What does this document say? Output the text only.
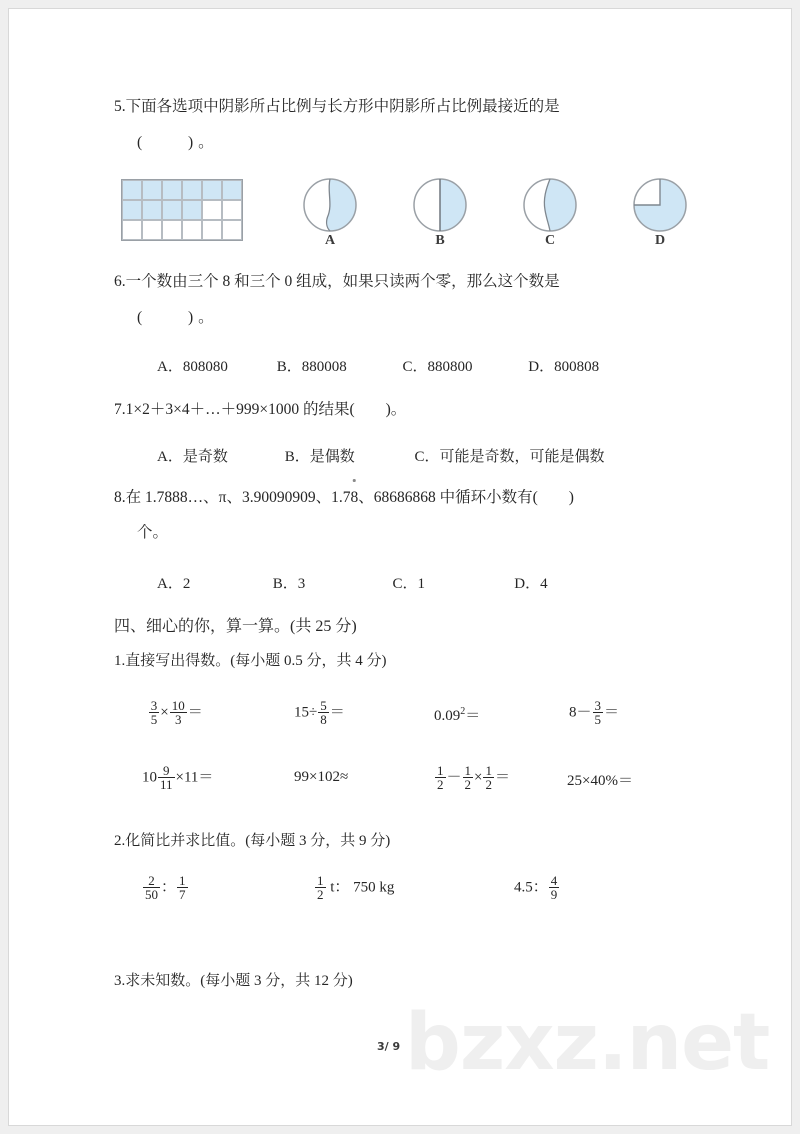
bzxz.net
5.下面各选项中阴影所占比例与长方形中阴影所占比例最接近的是
(　　)。
A	B	C	D
6.一个数由三个 8 和三个 0 组成，如果只读两个零，那么这个数是
(　　)。
A．808080	B．880008	C．880800	D．800808
7.1×2＋3×4＋…＋999×1000 的结果(　　)。
A．是奇数	B．是偶数	C．可能是奇数，可能是偶数
8.在 1.7888…、π、3.90090909、1.7
8、68686868 中循环小数有(　　)
个。
A．2	B．3	C．1	D．4
四、细心的你，算一算。(共 25 分)
1.直接写出得数。(每小题 0.5 分，共 4 分)

$\frac{3}{5} \times \frac{10}{3}$ ＝	$15\div \frac{5}{8}$ ＝	$0.09^2=$	$8- \frac{3}{5}$ ＝
$10 \frac{9}{11} \times 11=$	99×102≈	$\frac{1}{2} - \frac{1}{2} \times \frac{1}{2}$ ＝	25×40%＝
2.化简比并求比值。(每小题 3 分，共 9 分)
$\frac{2}{50}$ ： $\frac{1}{7}$	$\frac{1}{2}$ t： 750 kg	4.5： $\frac{4}{9}$
3.求未知数。(每小题 3 分，共 12 分)
3/ 9
